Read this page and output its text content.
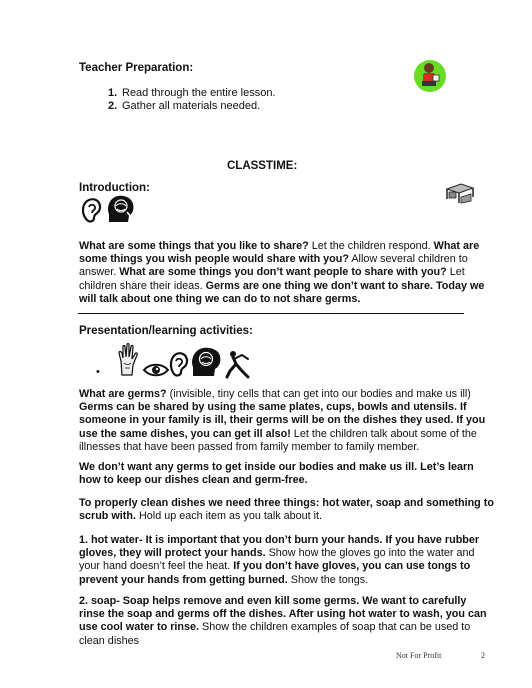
Teacher Preparation:
1. Read through the entire lesson.
2. Gather all materials needed.
CLASSTIME:
Introduction:
What are some things that you like to share? Let the children respond. What are some things you wish people would share with you? Allow several children to answer. What are some things you don’t want people to share with you? Let children share their ideas. Germs are one thing we don’t want to share. Today we will talk about one thing we can do to not share germs.
Presentation/learning activities:
•
What are germs? (invisible, tiny cells that can get into our bodies and make us ill) Germs can be shared by using the same plates, cups, bowls and utensils. If someone in your family is ill, their germs will be on the dishes they used. If you use the same dishes, you can get ill also! Let the children talk about some of the illnesses that have been passed from family member to family member.
We don’t want any germs to get inside our bodies and make us ill. Let’s learn how to keep our dishes clean and germ-free.
To properly clean dishes we need three things: hot water, soap and something to scrub with. Hold up each item as you talk about it.
1. hot water- It is important that you don’t burn your hands. If you have rubber gloves, they will protect your hands. Show how the gloves go into the water and your hand doesn’t feel the heat. If you don’t have gloves, you can use tongs to prevent your hands from getting burned. Show the tongs.
2. soap- Soap helps remove and even kill some germs. We want to carefully rinse the soap and germs off the dishes. After using hot water to wash, you can use cool water to rinse. Show the children examples of soap that can be used to clean dishes
Not For Profit	2
